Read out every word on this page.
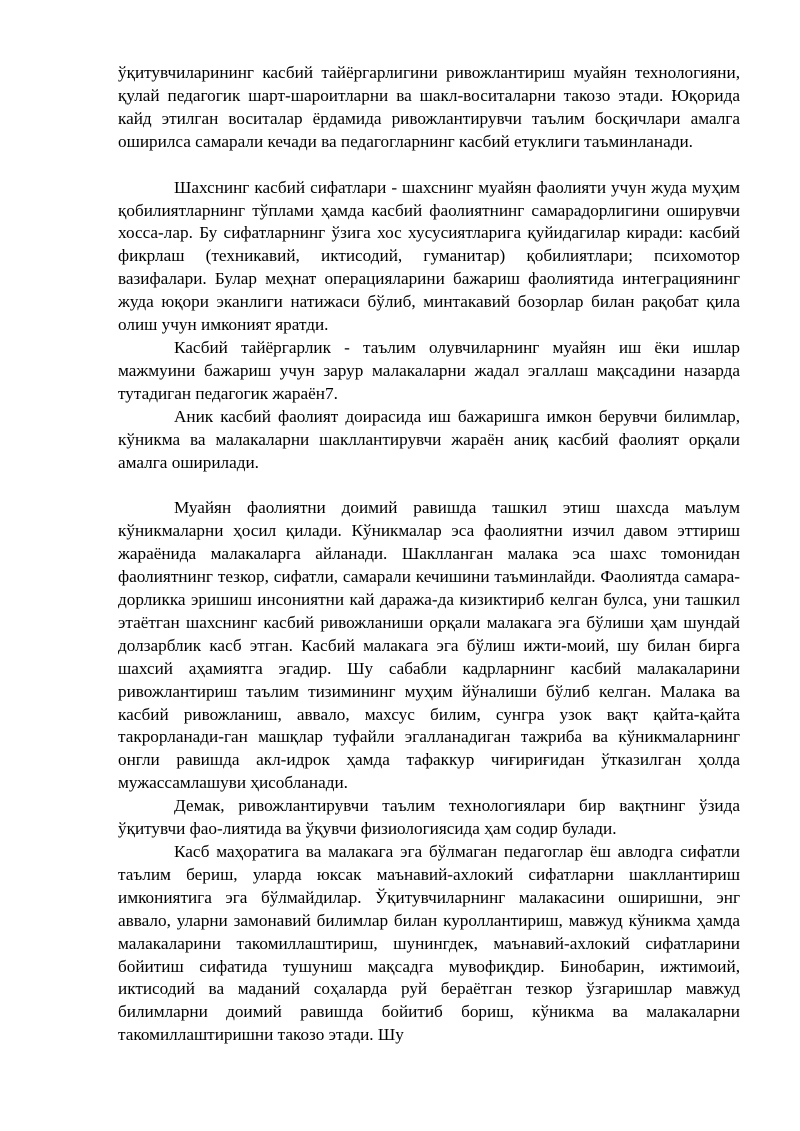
ўқитувчиларининг касбий тайёргарлигини ривожлантириш муайян технологияни, қулай педагогик шарт-шароитларни ва шакл-воситаларни такозо этади. Юқорида кайд этилган воситалар ёрдамида ривожлантирувчи таълим босқичлари амалга оширилса самарали кечади ва педагогларнинг касбий етуклиги таъминланади.

Шахснинг касбий сифатлари - шахснинг муайян фаолияти учун жуда муҳим қобилиятларнинг тўплами ҳамда касбий фаолиятнинг самарадорлигини оширувчи хосса-лар. Бу сифатларнинг ўзига хос хусусиятларига қуйидагилар киради: касбий фикрлаш (техникавий, иктисодий, гуманитар) қобилиятлари; психомотор вазифалари. Булар меҳнат операцияларини бажариш фаолиятида интеграциянинг жуда юқори эканлиги натижаси бўлиб, минтакавий бозорлар билан рақобат қила олиш учун имконият яратди.

Касбий тайёргарлик - таълим олувчиларнинг муайян иш ёки ишлар мажмуини бажариш учун зарур малакаларни жадал эгаллаш мақсадини назарда тутадиган педагогик жараён7.

Аник касбий фаолият доирасида иш бажаришга имкон берувчи билимлар, кўникма ва малакаларни шакллантирувчи жараён аниқ касбий фаолият орқали амалга оширилади.

Муайян фаолиятни доимий равишда ташкил этиш шахсда маълум кўникмаларни ҳосил қилади. Кўникмалар эса фаолиятни изчил давом эттириш жараёнида малакаларга айланади. Шаклланган малака эса шахс томонидан фаолиятнинг тезкор, сифатли, самарали кечишини таъминлайди. Фаолиятда самара-дорликка эришиш инсониятни кай даража-да кизиктириб келган булса, уни ташкил этаётган шахснинг касбий ривожланиши орқали малакага эга бўлиши ҳам шундай долзарблик касб этган. Касбий малакага эга бўлиш ижти-моий, шу билан бирга шахсий аҳамиятга эгадир. Шу сабабли кадрларнинг касбий малакаларини ривожлантириш таълим тизимининг муҳим йўналиши бўлиб келган. Малака ва касбий ривожланиш, аввало, махсус билим, сунгра узок вақт қайта-қайта такрорланади-ган машқлар туфайли эгалланадиган тажриба ва кўникмаларнинг онгли равишда акл-идрок ҳамда тафаккур чиғириғидан ўтказилган ҳолда мужассамлашуви ҳисобланади.

Демак, ривожлантирувчи таълим технологиялари бир вақтнинг ўзида ўқитувчи фао-лиятида ва ўқувчи физиологиясида ҳам содир булади.

Касб маҳоратига ва малакага эга бўлмаган педагоглар ёш авлодга сифатли таълим бериш, уларда юксак маънавий-ахлокий сифатларни шакллантириш имкониятига эга бўлмайдилар. Ўқитувчиларнинг малакасини оширишни, энг аввало, уларни замонавий билимлар билан куроллантириш, мавжуд кўникма ҳамда малакаларини такомиллаштириш, шунингдек, маънавий-ахлокий сифатларини бойитиш сифатида тушуниш мақсадга мувофиқдир. Бинобарин, ижтимоий, иктисодий ва маданий соҳаларда руй бераётган тезкор ўзгаришлар мавжуд билимларни доимий равишда бойитиб бориш, кўникма ва малакаларни такомиллаштиришни такозо этади. Шу
